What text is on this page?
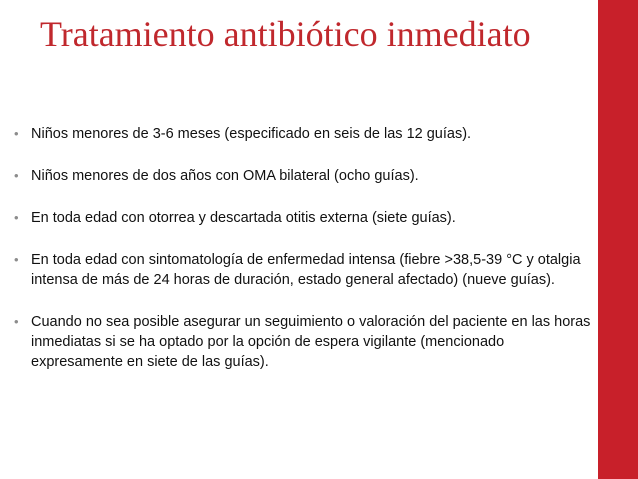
Tratamiento antibiótico inmediato
• Niños menores de 3-6 meses (especificado en seis de las 12 guías).
• Niños menores de dos años con OMA bilateral (ocho guías).
• En toda edad con otorrea y descartada otitis externa (siete guías).
• En toda edad con sintomatología de enfermedad intensa (fiebre >38,5-39 °C y otalgia intensa de más de 24 horas de duración, estado general afectado) (nueve guías).
• Cuando no sea posible asegurar un seguimiento o valoración del paciente en las horas inmediatas si se ha optado por la opción de espera vigilante (mencionado expresamente en siete de las guías).
